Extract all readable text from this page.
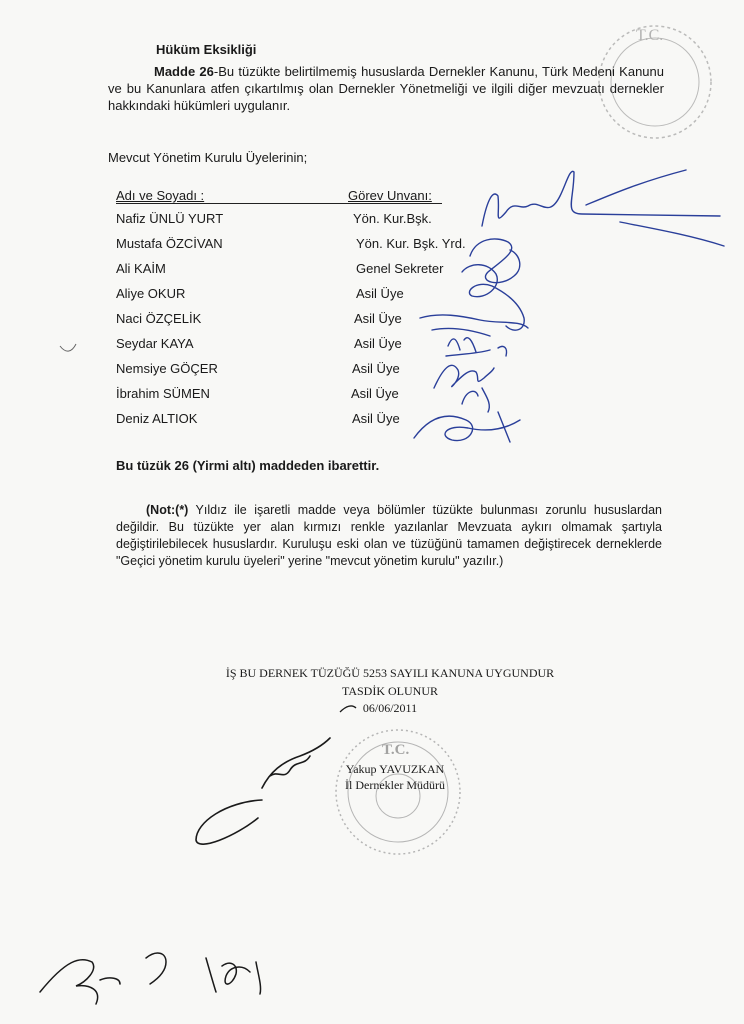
Hüküm Eksikliği
Madde 26-Bu tüzükte belirtilmemiş hususlarda Dernekler Kanunu, Türk Medeni Kanunu ve bu Kanunlara atfen çıkartılmış olan Dernekler Yönetmeliği ve ilgili diğer mevzuatı dernekler hakkındaki hükümleri uygulanır.
Mevcut Yönetim Kurulu Üyelerinin;
Adı ve Soyadı :	Görev Unvanı:
Nafiz ÜNLÜ YURT	Yön. Kur.Bşk.
Mustafa ÖZCİVAN	Yön. Kur. Bşk. Yrd.
Ali KAİM	Genel Sekreter
Aliye OKUR	Asil Üye
Naci ÖZÇELİK	Asil Üye
Seydar KAYA	Asil Üye
Nemsiye GÖÇER	Asil Üye
İbrahim SÜMEN	Asil Üye
Deniz ALTIOK	Asil Üye
Bu tüzük 26 (Yirmi altı) maddeden ibarettir.
(Not:(*) Yıldız ile işaretli madde veya bölümler tüzükte bulunması zorunlu hususlardan değildir. Bu tüzükte yer alan kırmızı renkle yazılanlar Mevzuata aykırı olmamak şartıyla değiştirilebilecek hususlardır. Kuruluşu eski olan ve tüzüğünü tamamen değiştirecek derneklerde "Geçici yönetim kurulu üyeleri" yerine "mevcut yönetim kurulu" yazılır.)
İŞ BU DERNEK TÜZÜĞÜ 5253 SAYILI KANUNA UYGUNDUR
TASDİK OLUNUR
06/06/2011
Yakup YAVUZKAN
İl Dernekler Müdürü
T.C.
T.C.
